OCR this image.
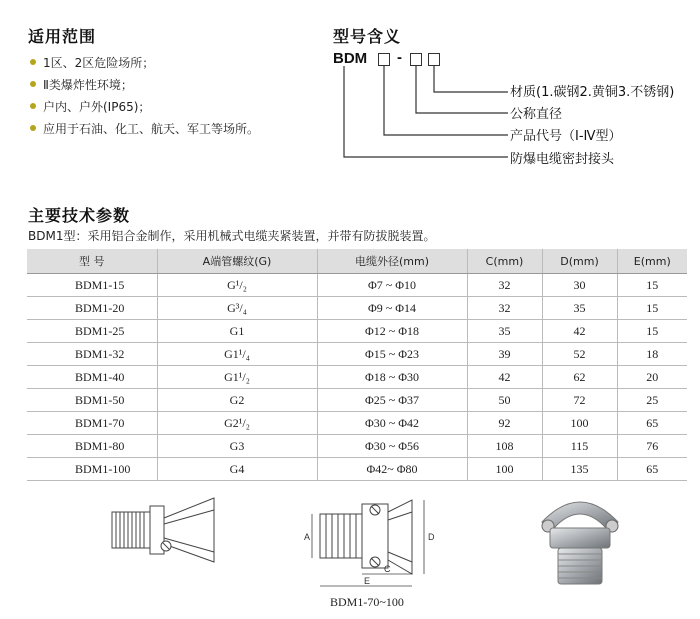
适用范围
1区、2区危险场所；
Ⅱ类爆炸性环境；
户内、户外(IP65)；
应用于石油、化工、航天、军工等场所。
型号含义
BDM -
材质(1.碳钢2.黄铜3.不锈钢)
公称直径
产品代号（Ⅰ-Ⅳ型）
防爆电缆密封接头
主要技术参数
BDM1型：采用铝合金制作，采用机械式电缆夹紧装置，并带有防拔脱装置。
型 号	A端管螺纹(G)	电缆外径(mm)	C(mm)	D(mm)	E(mm)
BDM1-15	G¹/₂	Φ7 ~ Φ10	32	30	15
BDM1-20	G³/₄	Φ9 ~ Φ14	32	35	15
BDM1-25	G1	Φ12 ~ Φ18	35	42	15
BDM1-32	G1¹/₄	Φ15 ~ Φ23	39	52	18
BDM1-40	G1¹/₂	Φ18 ~ Φ30	42	62	20
BDM1-50	G2	Φ25 ~ Φ37	50	72	25
BDM1-70	G2¹/₂	Φ30 ~ Φ42	92	100	65
BDM1-80	G3	Φ30 ~ Φ56	108	115	76
BDM1-100	G4	Φ42~ Φ80	100	135	65
A	D
C
E
BDM1-70~100
